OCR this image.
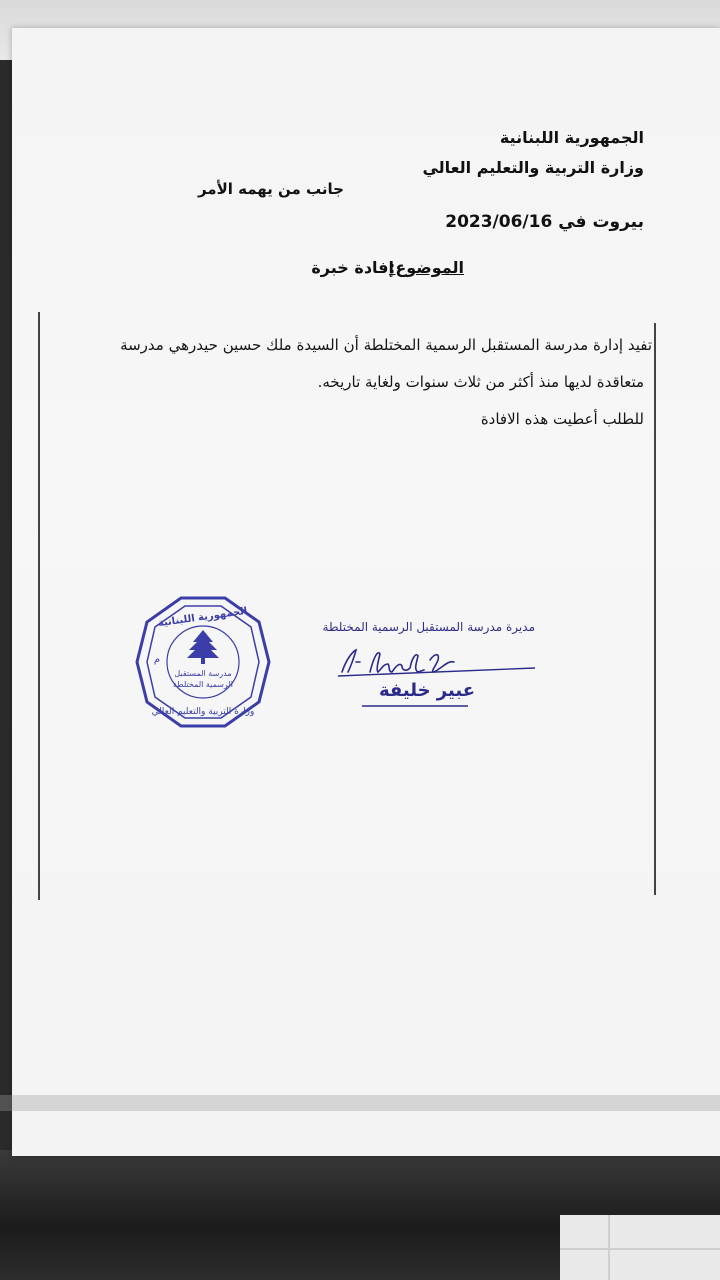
الجمهورية اللبنانية
وزارة التربية والتعليم العالي
جانب من يهمه الأمر
بيروت في 2023/06/16
الموضوع:
إفادة خبرة
تفيد إدارة مدرسة المستقبل الرسمية المختلطة أن السيدة ملك حسين حيدرهي مدرسة
متعاقدة لديها منذ أكثر من ثلاث سنوات ولغاية تاريخه.
للطلب أعطيت هذه الافادة
مدرسة المستقبل
الرسمية المختلطة
الجمهورية اللبنانية
وزارة التربية والتعليم العالي
م
مديرة مدرسة المستقبل الرسمية المختلطة
عبير خليفة
